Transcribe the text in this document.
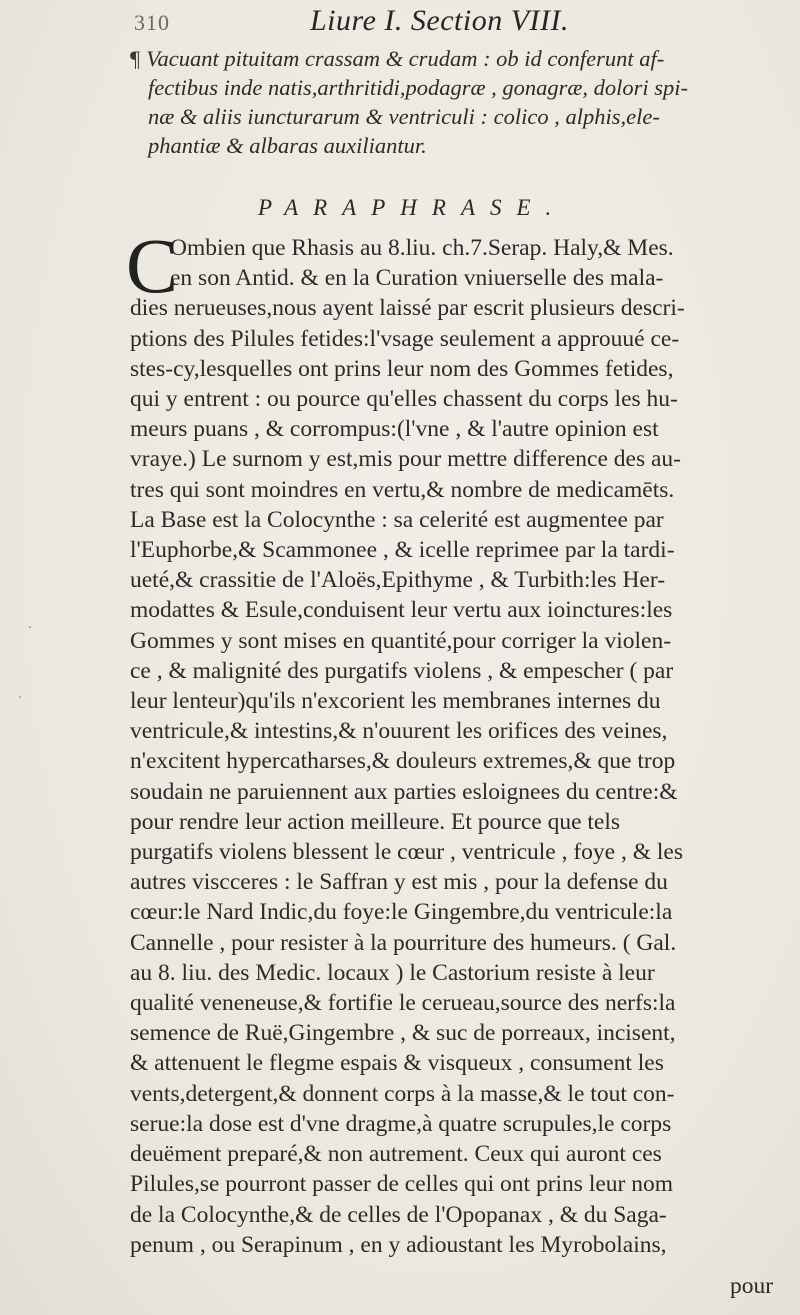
310	Liure I. Section VIII.
¶ Vacuant pituitam crassam & crudam : ob id conferunt af-
fectibus inde natis,arthritidi,podagræ , gonagræ, dolori spi-
næ & aliis iuncturarum & ventriculi : colico , alphis,ele-
phantiæ & albaras auxiliantur.
PARAPHRASE.
C
Ombien que Rhasis au 8.liu. ch.7.Serap. Haly,& Mes.
en son Antid. & en la Curation vniuerselle des mala-
dies nerueuses,nous ayent laissé par escrit plusieurs descri-
ptions des Pilules fetides:l'vsage seulement a approuué ce-
stes-cy,lesquelles ont prins leur nom des Gommes fetides,
qui y entrent : ou pource qu'elles chassent du corps les hu-
meurs puans , & corrompus:(l'vne , & l'autre opinion est
vraye.) Le surnom y est,mis pour mettre difference des au-
tres qui sont moindres en vertu,& nombre de medicamēts.
La Base est la Colocynthe : sa celerité est augmentee par
l'Euphorbe,& Scammonee , & icelle reprimee par la tardi-
ueté,& crassitie de l'Aloës,Epithyme , & Turbith:les Her-
modattes & Esule,conduisent leur vertu aux ioinctures:les
Gommes y sont mises en quantité,pour corriger la violen-
ce , & malignité des purgatifs violens , & empescher ( par
leur lenteur)qu'ils n'excorient les membranes internes du
ventricule,& intestins,& n'ouurent les orifices des veines,
n'excitent hypercatharses,& douleurs extremes,& que trop
soudain ne paruiennent aux parties esloignees du centre:&
pour rendre leur action meilleure. Et pource que tels
purgatifs violens blessent le cœur , ventricule , foye , & les
autres viscceres : le Saffran y est mis , pour la defense du
cœur:le Nard Indic,du foye:le Gingembre,du ventricule:la
Cannelle , pour resister à la pourriture des humeurs. ( Gal.
au 8. liu. des Medic. locaux ) le Castorium resiste à leur
qualité veneneuse,& fortifie le cerueau,source des nerfs:la
semence de Ruë,Gingembre , & suc de porreaux, incisent,
& attenuent le flegme espais & visqueux , consument les
vents,detergent,& donnent corps à la masse,& le tout con-
serue:la dose est d'vne dragme,à quatre scrupules,le corps
deuëment preparé,& non autrement. Ceux qui auront ces
Pilules,se pourront passer de celles qui ont prins leur nom
de la Colocynthe,& de celles de l'Opopanax , & du Saga-
penum , ou Serapinum , en y adioustant les Myrobolains,
pour
·
·
